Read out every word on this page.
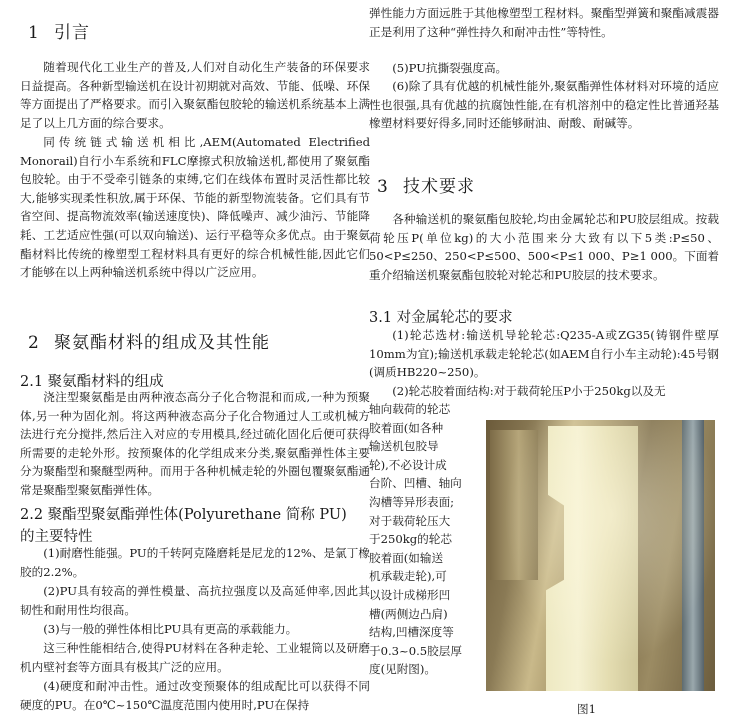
1 引言

随着现代化工业生产的普及,人们对自动化生产装备的环保要求日益提高。各种新型输送机在设计初期就对高效、节能、低噪、环保等方面提出了严格要求。而引入聚氨酯包胶轮的输送机系统基本上满足了以上几方面的综合要求。

同传统链式输送机相比,AEM(Automated Electrified Monorail)自行小车系统和FLC摩擦式积放输送机,都使用了聚氨酯包胶轮。由于不受牵引链条的束缚,它们在线体布置时灵活性都比较大,能够实现柔性积放,属于环保、节能的新型物流装备。它们具有节省空间、提高物流效率(输送速度快)、降低噪声、减少油污、节能降耗、工艺适应性强(可以双向输送)、运行平稳等众多优点。由于聚氨酯材料比传统的橡塑型工程材料具有更好的综合机械性能,因此它们才能够在以上两种输送机系统中得以广泛应用。

2 聚氨酯材料的组成及其性能
2.1 聚氨酯材料的组成

浇注型聚氨酯是由两种液态高分子化合物混和而成,一种为预聚体,另一种为固化剂。将这两种液态高分子化合物通过人工或机械方法进行充分搅拌,然后注入对应的专用模具,经过硫化固化后便可获得所需要的走轮外形。按预聚体的化学组成来分类,聚氨酯弹性体主要分为聚酯型和聚醚型两种。而用于各种机械走轮的外圈包覆聚氨酯通常是聚酯型聚氨酯弹性体。

2.2 聚酯型聚氨酯弹性体(Polyurethane 简称 PU)
的主要特性

(1)耐磨性能强。PU的千转阿克隆磨耗是尼龙的12%、是氯丁橡胶的2.2%。

(2)PU具有较高的弹性模量、高抗拉强度以及高延伸率,因此其韧性和耐用性均很高。

(3)与一般的弹性体相比PU具有更高的承载能力。

这三种性能相结合,使得PU材料在各种走轮、工业辊筒以及研磨机内壁衬套等方面具有极其广泛的应用。

(4)硬度和耐冲击性。通过改变预聚体的组成配比可以获得不同硬度的PU。在0℃~150℃温度范围内使用时,PU在保持

弹性能力方面远胜于其他橡塑型工程材料。聚酯型弹簧和聚酯减震器正是利用了这种“弹性持久和耐冲击性”等特性。

(5)PU抗撕裂强度高。

(6)除了具有优越的机械性能外,聚氨酯弹性体材料对环境的适应性也很强,具有优越的抗腐蚀性能,在有机溶剂中的稳定性比普通羟基橡塑材料要好得多,同时还能够耐油、耐酸、耐碱等。

3 技术要求

各种输送机的聚氨酯包胶轮,均由金属轮芯和PU胶层组成。按载荷轮压P(单位kg)的大小范围来分大致有以下5类:P≤50、50<P≤250、250<P≤500、500<P≤1 000、P≥1 000。下面着重介绍输送机聚氨酯包胶轮对轮芯和PU胶层的技术要求。

3.1 对金属轮芯的要求

(1)轮芯选材:输送机导轮轮芯:Q235-A或ZG35(铸钢件壁厚10mm为宜);输送机承载走轮轮芯(如AEM自行小车主动轮):45号钢(调质HB220~250)。

(2)轮芯胶着面结构:对于载荷轮压P小于250kg以及无

轴向载荷的轮芯
胶着面(如各种
输送机包胶导
轮),不必设计成
台阶、凹槽、轴向
沟槽等异形表面;
对于载荷轮压大
于250kg的轮芯
胶着面(如输送
机承载走轮),可
以设计成梯形凹
槽(两侧边凸肩)
结构,凹槽深度等
于0.3~0.5胶层厚
度(见附图)。
图1
